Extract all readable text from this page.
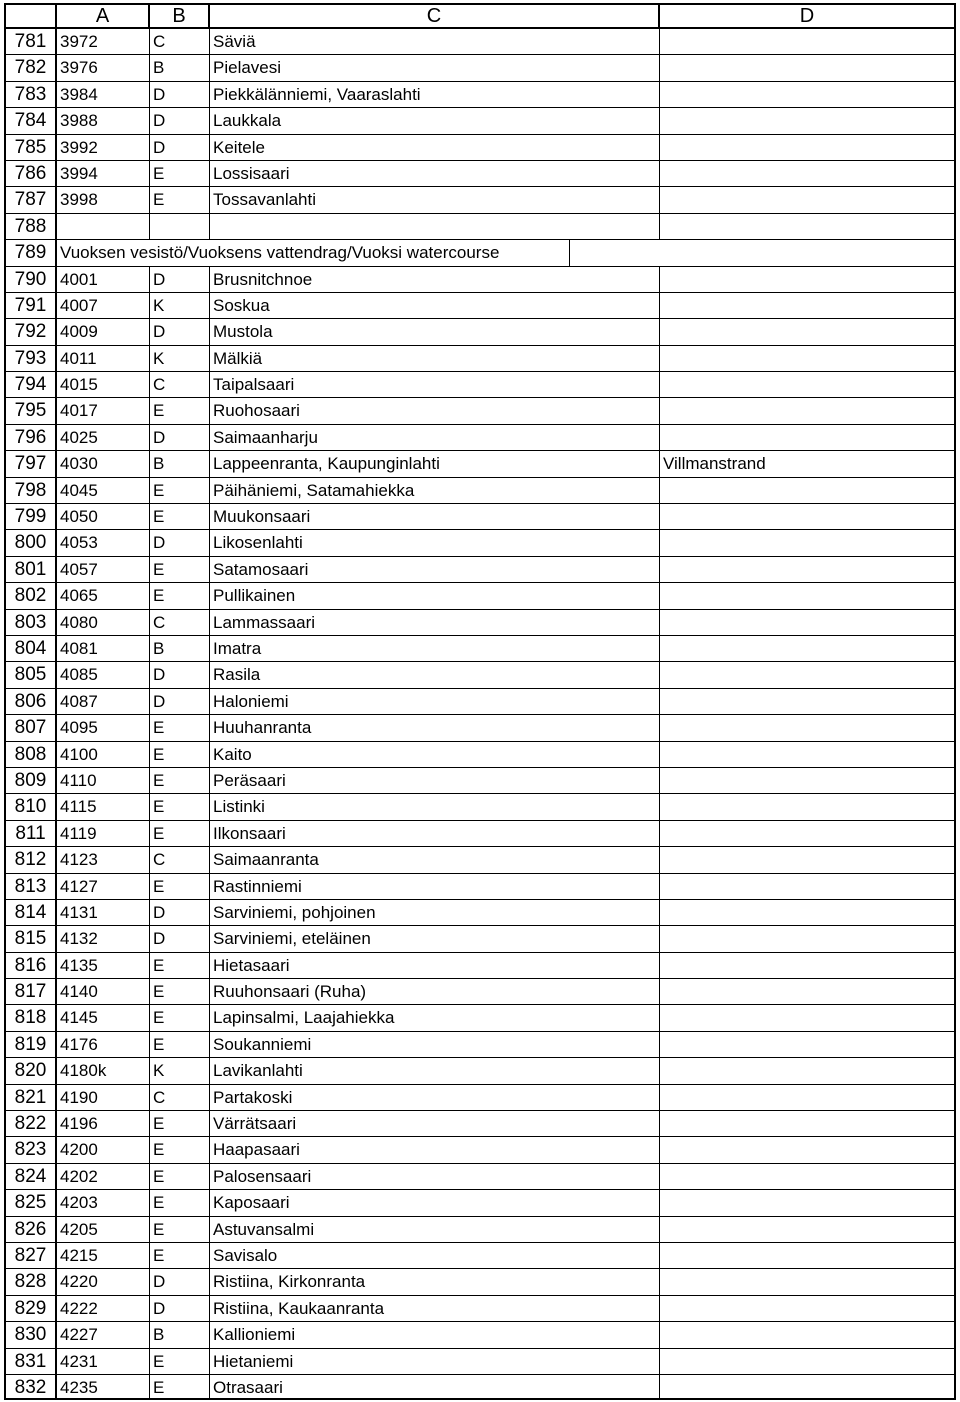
A	B	C	D
781 3972	C	Säviä
782 3976	B	Pielavesi
783 3984	D	Piekkälänniemi, Vaaraslahti
784 3988	D	Laukkala
785 3992	D	Keitele
786 3994	E	Lossisaari
787 3998	E	Tossavanlahti
788
789 Vuoksen vesistö/Vuoksens vattendrag/Vuoksi watercourse
790 4001	D	Brusnitchnoe
791 4007	K	Soskua
792 4009	D	Mustola
793 4011	K	Mälkiä
794 4015	C	Taipalsaari
795 4017	E	Ruohosaari
796 4025	D	Saimaanharju
797 4030	B	Lappeenranta, Kaupunginlahti	Villmanstrand
798 4045	E	Päihäniemi, Satamahiekka
799 4050	E	Muukonsaari
800 4053	D	Likosenlahti
801 4057	E	Satamosaari
802 4065	E	Pullikainen
803 4080	C	Lammassaari
804 4081	B	Imatra
805 4085	D	Rasila
806 4087	D	Haloniemi
807 4095	E	Huuhanranta
808 4100	E	Kaito
809 4110	E	Peräsaari
810 4115	E	Listinki
811 4119	E	Ilkonsaari
812 4123	C	Saimaanranta
813 4127	E	Rastinniemi
814 4131	D	Sarviniemi, pohjoinen
815 4132	D	Sarviniemi, eteläinen
816 4135	E	Hietasaari
817 4140	E	Ruuhonsaari (Ruha)
818 4145	E	Lapinsalmi, Laajahiekka
819 4176	E	Soukanniemi
820 4180k	K	Lavikanlahti
821 4190	C	Partakoski
822 4196	E	Värrätsaari
823 4200	E	Haapasaari
824 4202	E	Palosensaari
825 4203	E	Kaposaari
826 4205	E	Astuvansalmi
827 4215	E	Savisalo
828 4220	D	Ristiina, Kirkonranta
829 4222	D	Ristiina, Kaukaanranta
830 4227	B	Kallioniemi
831 4231	E	Hietaniemi
832 4235	E	Otrasaari
